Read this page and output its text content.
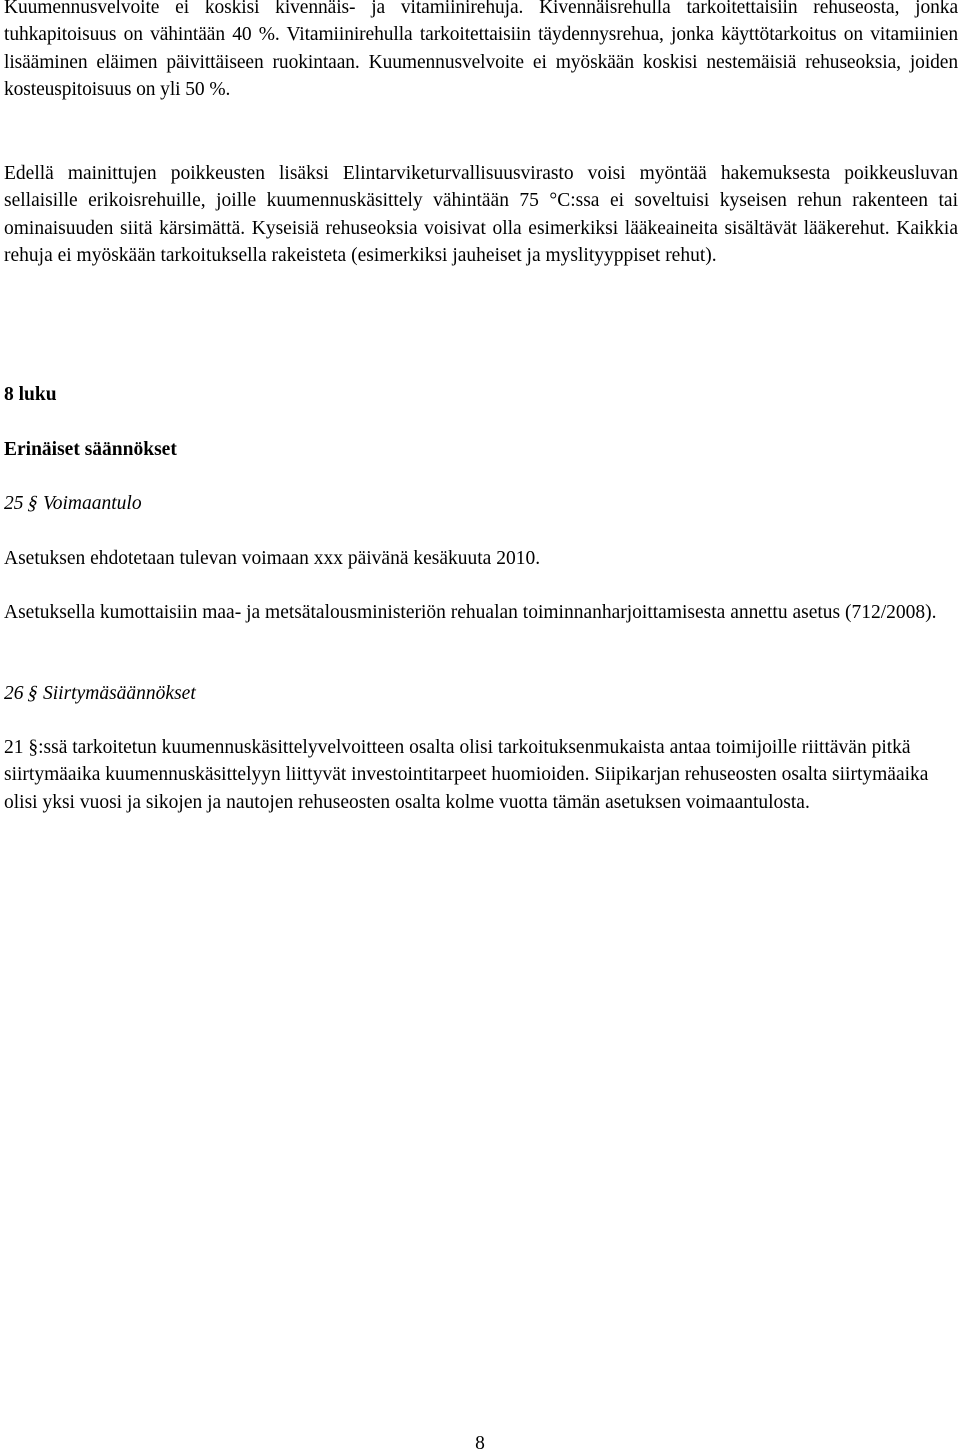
Kuumennusvelvoite ei koskisi kivennäis- ja vitamiinirehuja. Kivennäisrehulla tarkoitettaisiin rehuseosta, jonka tuhkapitoisuus on vähintään 40 %. Vitamiinirehulla tarkoitettaisiin täydennysrehua, jonka käyttötarkoitus on vitamiinien lisääminen eläimen päivittäiseen ruokintaan. Kuumennusvelvoite ei myöskään koskisi nestemäisiä rehuseoksia, joiden kosteuspitoisuus on yli 50 %.

Edellä mainittujen poikkeusten lisäksi Elintarviketurvallisuusvirasto voisi myöntää hakemuksesta poikkeusluvan sellaisille erikoisrehuille, joille kuumennuskäsittely vähintään 75 °C:ssa ei soveltuisi kyseisen rehun rakenteen tai ominaisuuden siitä kärsimättä. Kyseisiä rehuseoksia voisivat olla esimerkiksi lääkeaineita sisältävät lääkerehut. Kaikkia rehuja ei myöskään tarkoituksella rakeisteta (esimerkiksi jauheiset ja myslityyppiset rehut).

8 luku

Erinäiset säännökset

25 § Voimaantulo

Asetuksen ehdotetaan tulevan voimaan xxx päivänä kesäkuuta 2010.

Asetuksella kumottaisiin maa- ja metsätalousministeriön rehualan toiminnanharjoittamisesta annettu asetus (712/2008).

26 § Siirtymäsäännökset

21 §:ssä tarkoitetun kuumennuskäsittelyvelvoitteen osalta olisi tarkoituksenmukaista antaa toimijoille riittävän pitkä siirtymäaika kuumennuskäsittelyyn liittyvät investointitarpeet huomioiden. Siipikarjan rehuseosten osalta siirtymäaika olisi yksi vuosi ja sikojen ja nautojen rehuseosten osalta kolme vuotta tämän asetuksen voimaantulosta.

8
